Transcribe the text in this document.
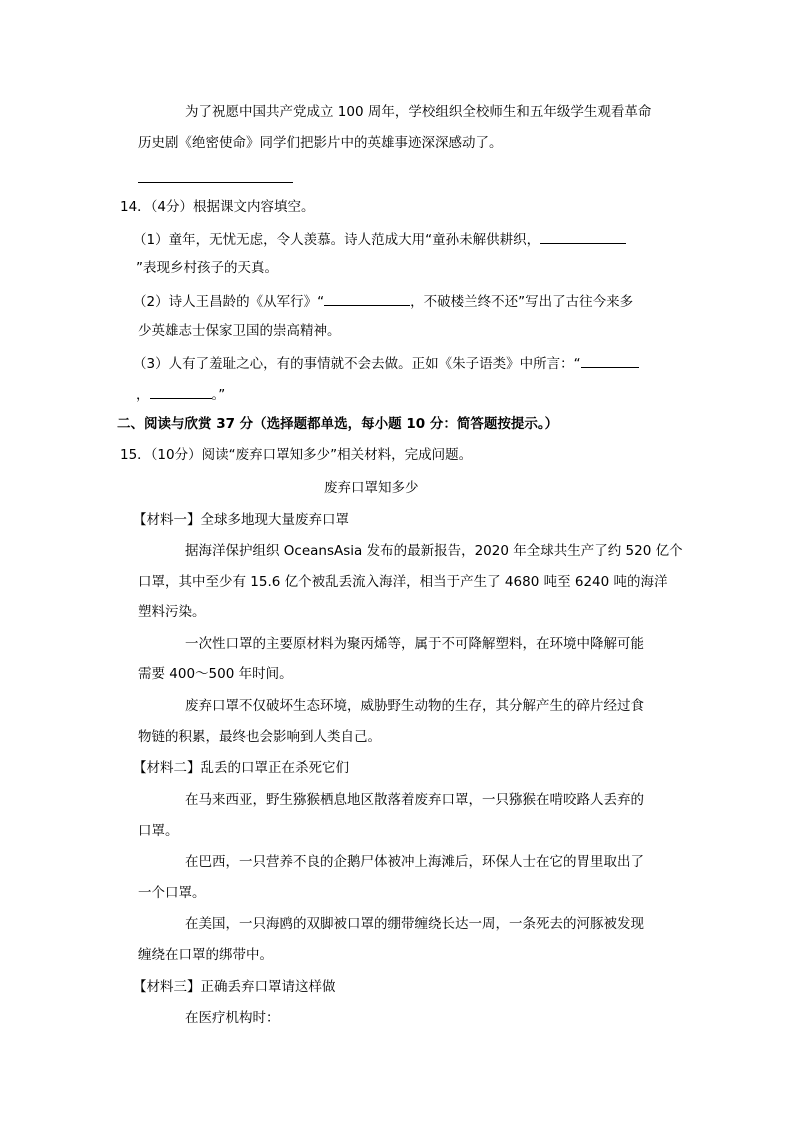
为了祝愿中国共产党成立 100 周年，学校组织全校师生和五年级学生观看革命
历史剧《绝密使命》同学们把影片中的英雄事迹深深感动了。
14．（4分）根据课文内容填空。
（1）童年，无忧无虑，令人羡慕。诗人范成大用“童孙未解供耕织，
”表现乡村孩子的天真。
（2）诗人王昌龄的《从军行》“	，不破楼兰终不还”写出了古往今来多
少英雄志士保家卫国的崇高精神。
（3）人有了羞耻之心，有的事情就不会去做。正如《朱子语类》中所言：“
，	。”
二、阅读与欣赏 37 分（选择题都单选，每小题 10 分：简答题按提示。）
15．（10分）阅读“废弃口罩知多少”相关材料，完成问题。
废弃口罩知多少
【材料一】全球多地现大量废弃口罩
据海洋保护组织 OceansAsia 发布的最新报告，2020 年全球共生产了约 520 亿个
口罩，其中至少有 15.6 亿个被乱丢流入海洋，相当于产生了 4680 吨至 6240 吨的海洋
塑料污染。
一次性口罩的主要原材料为聚丙烯等，属于不可降解塑料，在环境中降解可能
需要 400～500 年时间。
废弃口罩不仅破坏生态环境，威胁野生动物的生存，其分解产生的碎片经过食
物链的积累，最终也会影响到人类自己。
【材料二】乱丢的口罩正在杀死它们
在马来西亚，野生猕猴栖息地区散落着废弃口罩，一只猕猴在啃咬路人丢弃的
口罩。
在巴西，一只营养不良的企鹅尸体被冲上海滩后，环保人士在它的胃里取出了
一个口罩。
在美国，一只海鸥的双脚被口罩的绷带缠绕长达一周，一条死去的河豚被发现
缠绕在口罩的绑带中。
【材料三】正确丢弃口罩请这样做
在医疗机构时：
